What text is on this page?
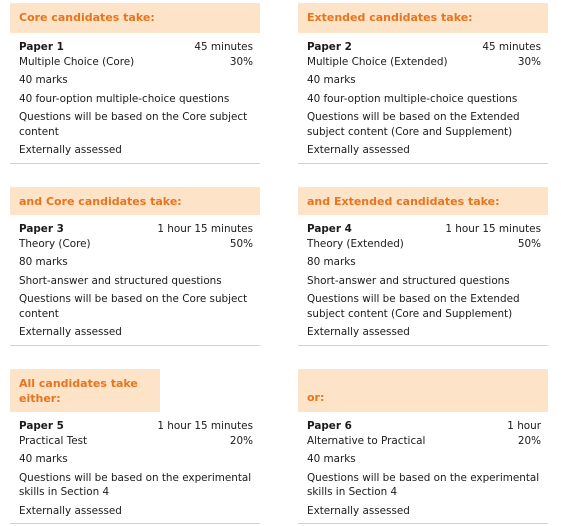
Core candidates take:
Paper 1	45 minutes
Multiple Choice (Core)	30%
40 marks
40 four-option multiple-choice questions
Questions will be based on the Core subject content
Externally assessed
Extended candidates take:
Paper 2	45 minutes
Multiple Choice (Extended)	30%
40 marks
40 four-option multiple-choice questions
Questions will be based on the Extended subject content (Core and Supplement)
Externally assessed
and Core candidates take:
Paper 3	1 hour 15 minutes
Theory (Core)	50%
80 marks
Short-answer and structured questions
Questions will be based on the Core subject content
Externally assessed
and Extended candidates take:
Paper 4	1 hour 15 minutes
Theory (Extended)	50%
80 marks
Short-answer and structured questions
Questions will be based on the Extended subject content (Core and Supplement)
Externally assessed
All candidates take either:
Paper 5	1 hour 15 minutes
Practical Test	20%
40 marks
Questions will be based on the experimental skills in Section 4
Externally assessed
or:
Paper 6	1 hour
Alternative to Practical	20%
40 marks
Questions will be based on the experimental skills in Section 4
Externally assessed
